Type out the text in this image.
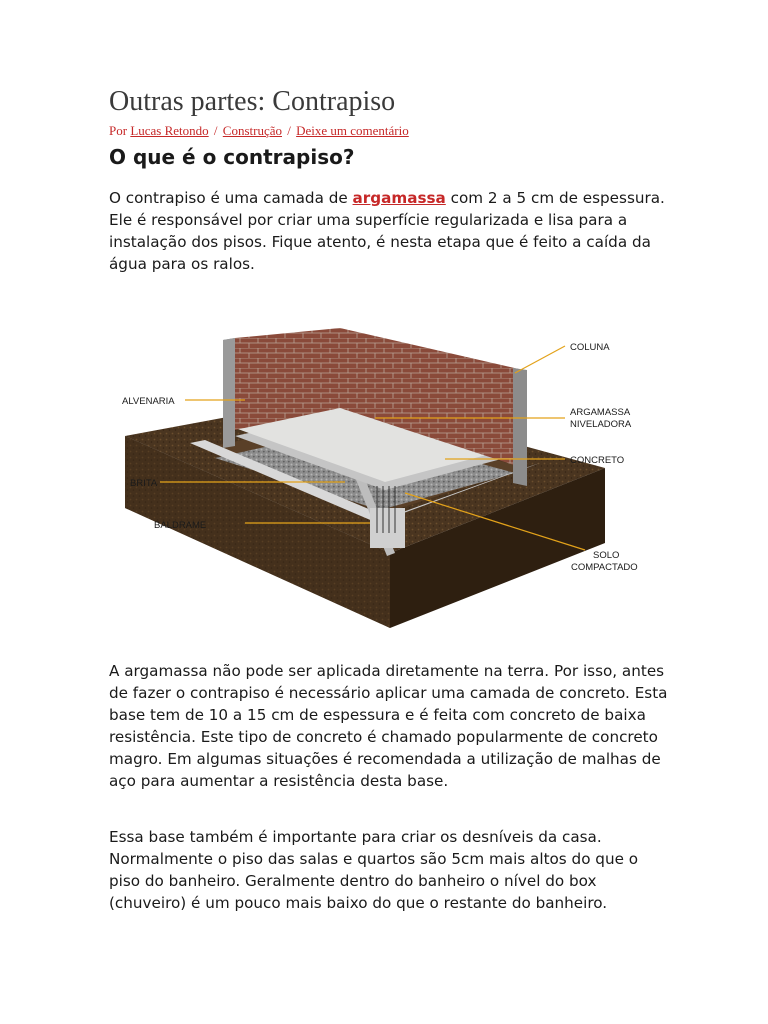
Outras partes: Contrapiso
Por Lucas Retondo / Construção / Deixe um comentário
O que é o contrapiso?

O contrapiso é uma camada de argamassa com 2 a 5 cm de espessura. Ele é responsável por criar uma superfície regularizada e lisa para a instalação dos pisos. Fique atento, é nesta etapa que é feito a caída da água para os ralos.

COLUNA
ALVENARIA
ARGAMASSA
NIVELADORA
CONCRETO
BRITA
BALDRAME
SOLO
COMPACTADO

A argamassa não pode ser aplicada diretamente na terra. Por isso, antes de fazer o contrapiso é necessário aplicar uma camada de concreto. Esta base tem de 10 a 15 cm de espessura e é feita com concreto de baixa resistência. Este tipo de concreto é chamado popularmente de concreto magro. Em algumas situações é recomendada a utilização de malhas de aço para aumentar a resistência desta base.

Essa base também é importante para criar os desníveis da casa. Normalmente o piso das salas e quartos são 5cm mais altos do que o piso do banheiro. Geralmente dentro do banheiro o nível do box (chuveiro) é um pouco mais baixo do que o restante do banheiro.
